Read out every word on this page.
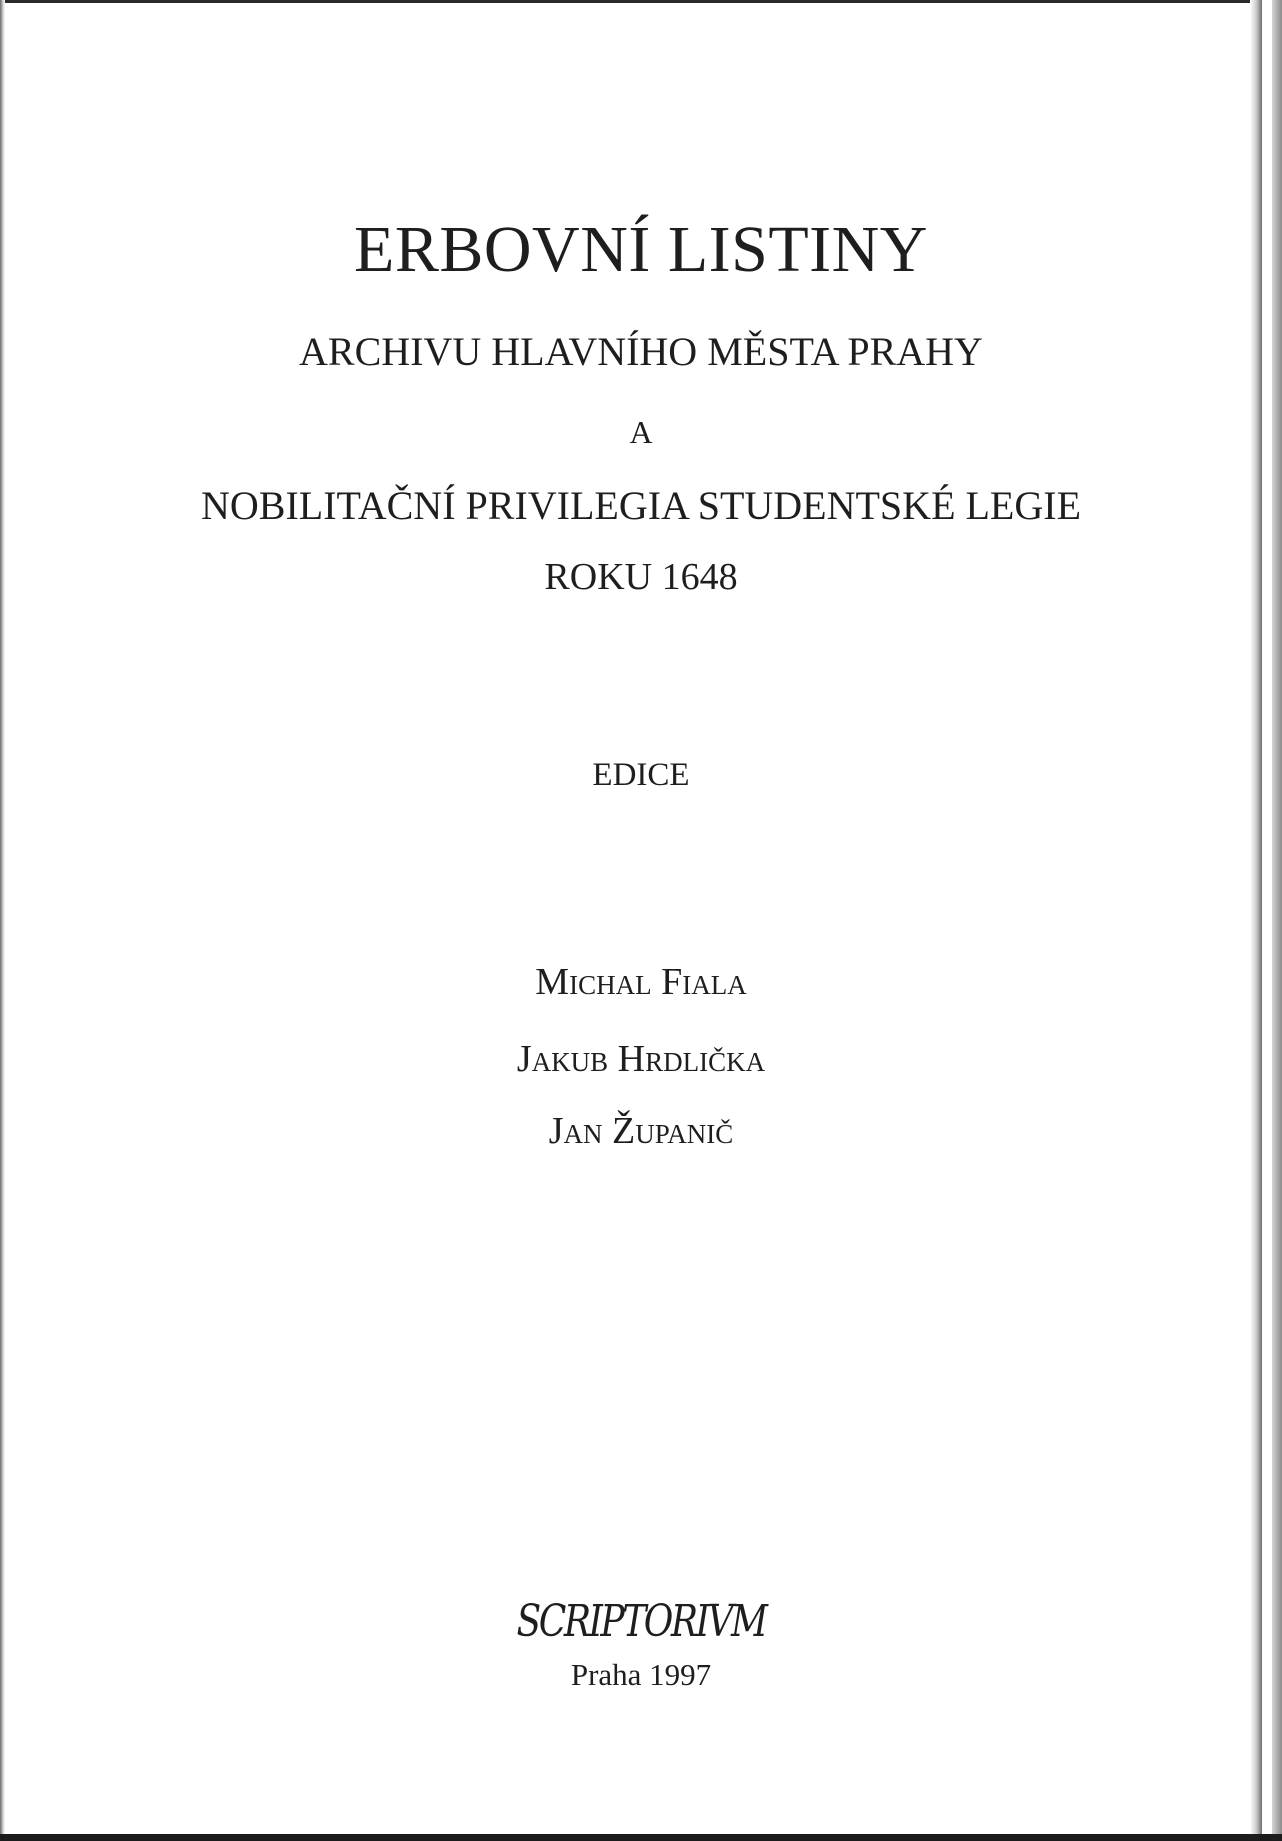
ERBOVNÍ LISTINY
ARCHIVU HLAVNÍHO MĚSTA PRAHY
A
NOBILITAČNÍ PRIVILEGIA STUDENTSKÉ LEGIE
ROKU 1648
EDICE
Michal Fiala
Jakub Hrdlička
Jan Županič
SCRIPTORIVM
Praha 1997
